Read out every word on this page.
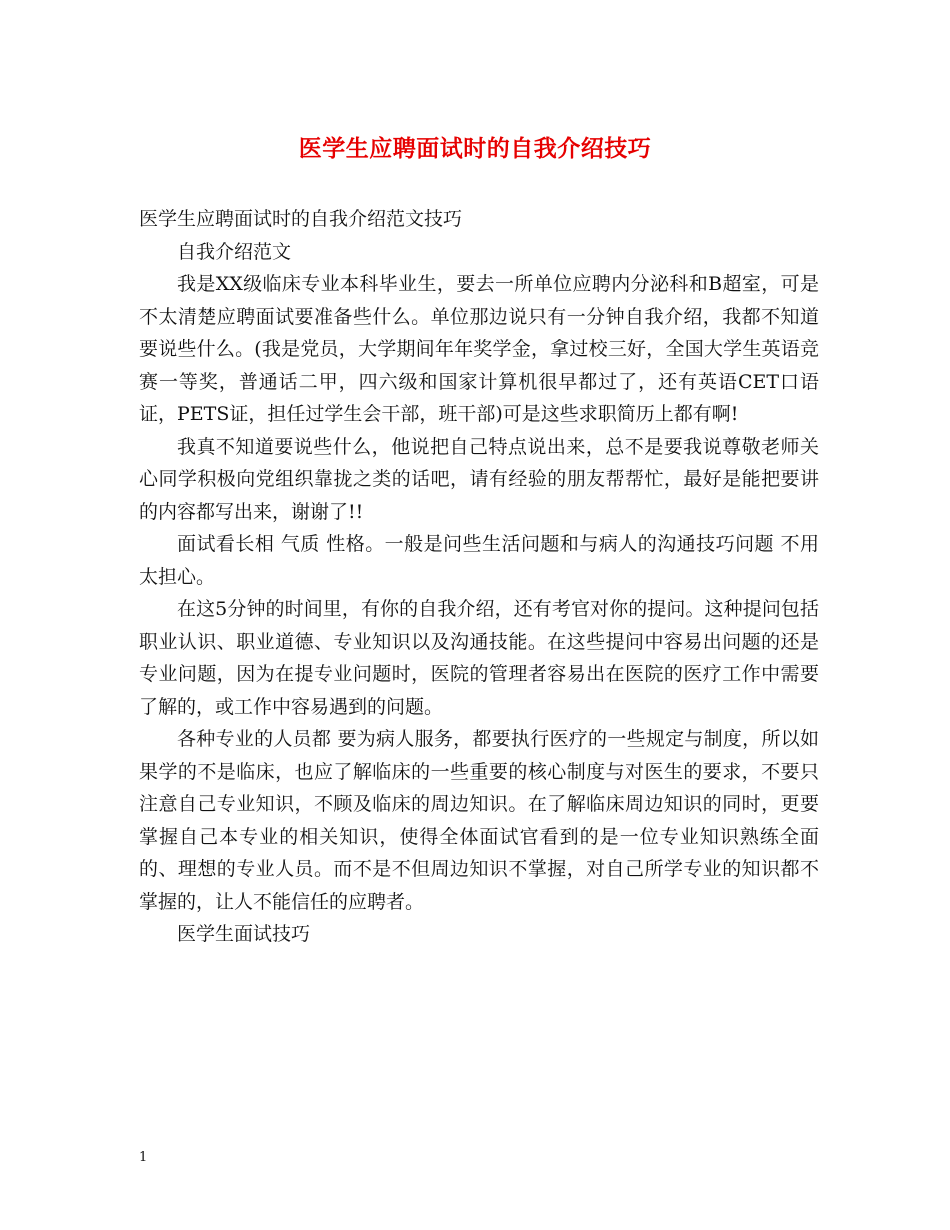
医学生应聘面试时的自我介绍技巧

医学生应聘面试时的自我介绍范文技巧

自我介绍范文

我是XX级临床专业本科毕业生，要去一所单位应聘内分泌科和B超室，可是不太清楚应聘面试要准备些什么。单位那边说只有一分钟自我介绍，我都不知道要说些什么。(我是党员，大学期间年年奖学金，拿过校三好，全国大学生英语竞赛一等奖，普通话二甲，四六级和国家计算机很早都过了，还有英语CET口语证，PETS证，担任过学生会干部，班干部)可是这些求职简历上都有啊!

我真不知道要说些什么，他说把自己特点说出来，总不是要我说尊敬老师关心同学积极向党组织靠拢之类的话吧，请有经验的朋友帮帮忙，最好是能把要讲的内容都写出来，谢谢了!!

面试看长相 气质 性格。一般是问些生活问题和与病人的沟通技巧问题 不用太担心。

在这5分钟的时间里，有你的自我介绍，还有考官对你的提问。这种提问包括职业认识、职业道德、专业知识以及沟通技能。在这些提问中容易出问题的还是专业问题，因为在提专业问题时，医院的管理者容易出在医院的医疗工作中需要了解的，或工作中容易遇到的问题。

各种专业的人员都 要为病人服务，都要执行医疗的一些规定与制度，所以如果学的不是临床，也应了解临床的一些重要的核心制度与对医生的要求，不要只注意自己专业知识，不顾及临床的周边知识。在了解临床周边知识的同时，更要掌握自己本专业的相关知识，使得全体面试官看到的是一位专业知识熟练全面的、理想的专业人员。而不是不但周边知识不掌握，对自己所学专业的知识都不掌握的，让人不能信任的应聘者。

医学生面试技巧

1
